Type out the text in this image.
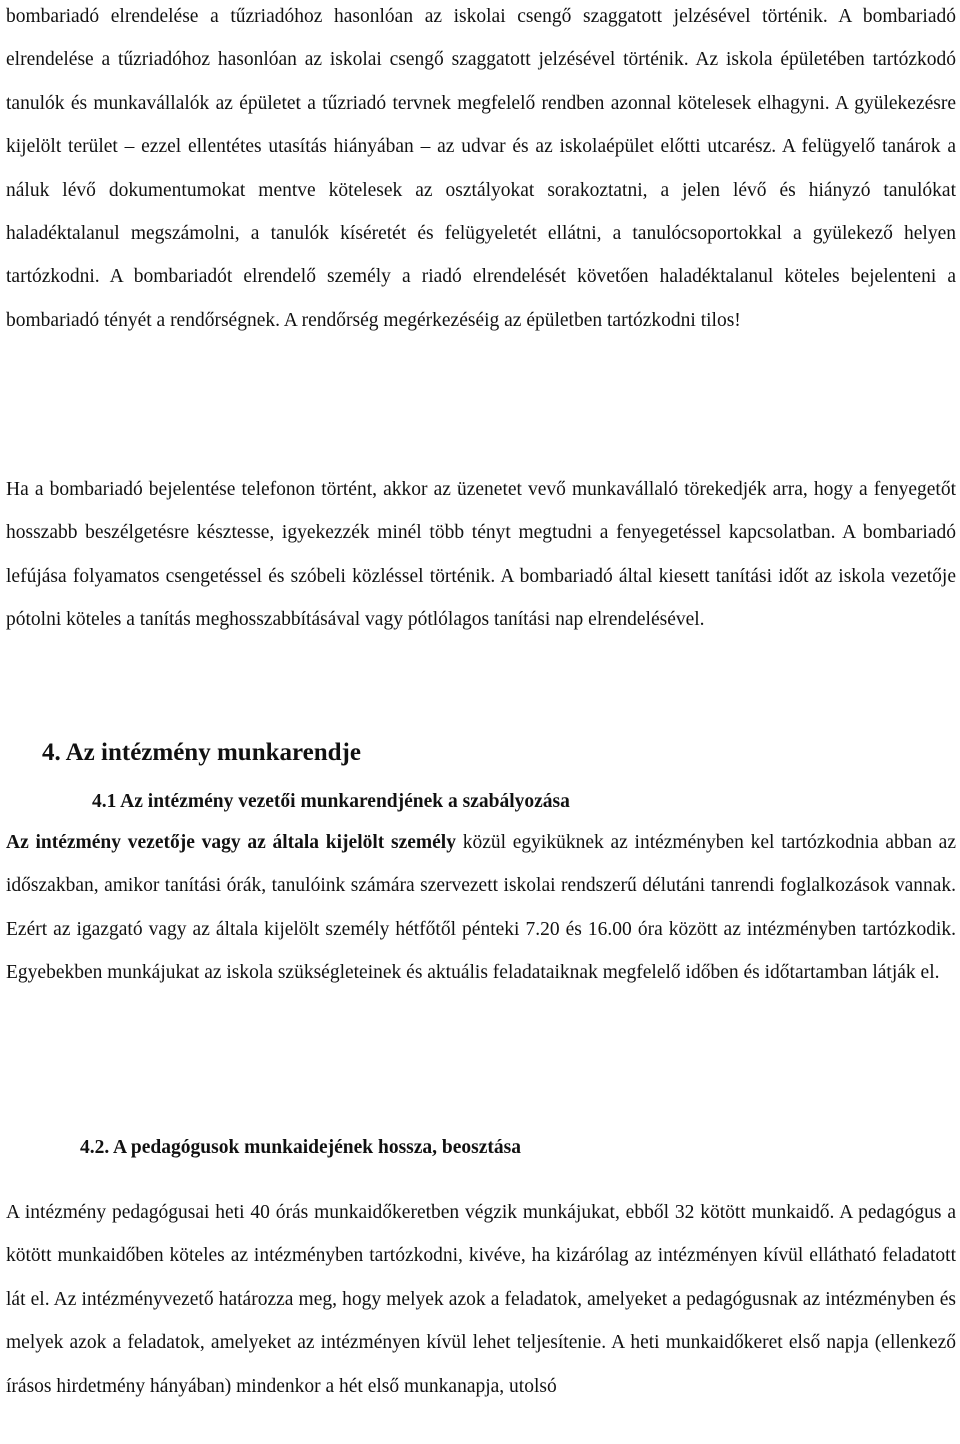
bombariadó elrendelése a tűzriadóhoz hasonlóan az iskolai csengő szaggatott jelzésével történik. A bombariadó elrendelése a tűzriadóhoz hasonlóan az iskolai csengő szaggatott jelzésével történik. Az iskola épületében tartózkodó tanulók és munkavállalók az épületet a tűzriadó tervnek megfelelő rendben azonnal kötelesek elhagyni. A gyülekezésre kijelölt terület – ezzel ellentétes utasítás hiányában – az udvar és az iskolaépület előtti utcarész. A felügyelő tanárok a náluk lévő dokumentumokat mentve kötelesek az osztályokat sorakoztatni, a jelen lévő és hiányzó tanulókat haladéktalanul megszámolni, a tanulók kíséretét és felügyeletét ellátni, a tanulócsoportokkal a gyülekező helyen tartózkodni. A bombariadót elrendelő személy a riadó elrendelését követően haladéktalanul köteles bejelenteni a bombariadó tényét a rendőrségnek. A rendőrség megérkezéséig az épületben tartózkodni tilos!

Ha a bombariadó bejelentése telefonon történt, akkor az üzenetet vevő munkavállaló törekedjék arra, hogy a fenyegetőt hosszabb beszélgetésre késztesse, igyekezzék minél több tényt megtudni a fenyegetéssel kapcsolatban. A bombariadó lefújása folyamatos csengetéssel és szóbeli közléssel történik. A bombariadó által kiesett tanítási időt az iskola vezetője pótolni köteles a tanítás meghosszabbításával vagy pótlólagos tanítási nap elrendelésével.

4. Az intézmény munkarendje
4.1 Az intézmény vezetői munkarendjének a szabályozása

Az intézmény vezetője vagy az általa kijelölt személy közül egyiküknek az intézményben kel tartózkodnia abban az időszakban, amikor tanítási órák, tanulóink számára szervezett iskolai rendszerű délutáni tanrendi foglalkozások vannak. Ezért az igazgató vagy az általa kijelölt személy hétfőtől pénteki 7.20 és 16.00 óra között az intézményben tartózkodik. Egyebekben munkájukat az iskola szükségleteinek és aktuális feladataiknak megfelelő időben és időtartamban látják el.

4.2. A pedagógusok munkaidejének hossza, beosztása

A intézmény pedagógusai heti 40 órás munkaidőkeretben végzik munkájukat, ebből 32 kötött munkaidő. A pedagógus a kötött munkaidőben köteles az intézményben tartózkodni, kivéve, ha kizárólag az intézményen kívül ellátható feladatott lát el. Az intézményvezető határozza meg, hogy melyek azok a feladatok, amelyeket a pedagógusnak az intézményben és melyek azok a feladatok, amelyeket az intézményen kívül lehet teljesítenie. A heti munkaidőkeret első napja (ellenkező írásos hirdetmény hányában) mindenkor a hét első munkanapja, utolsó
